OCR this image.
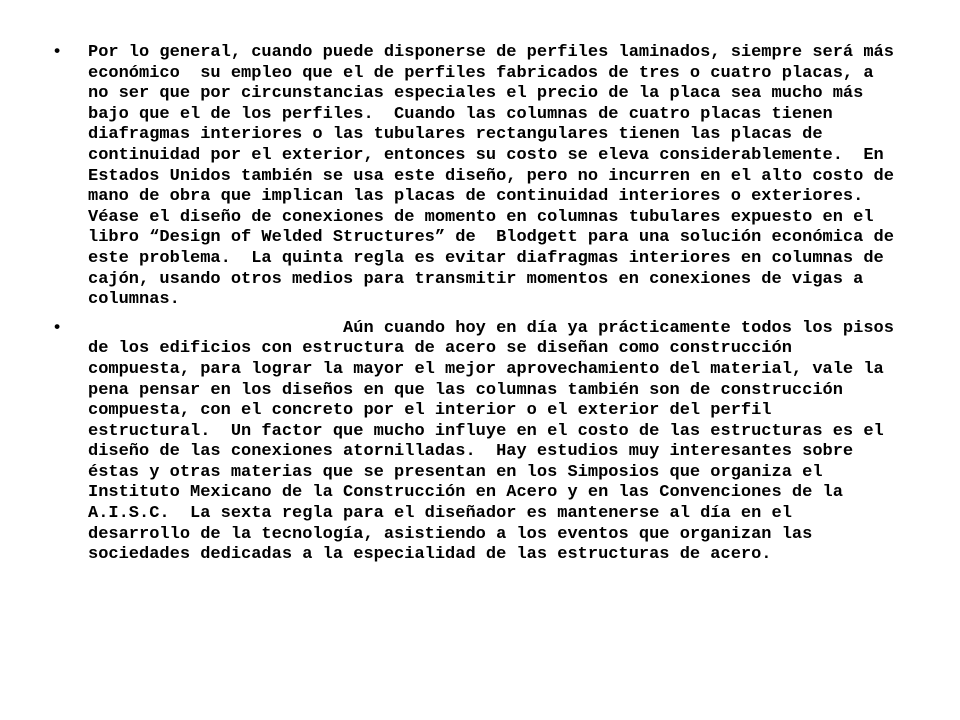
• Por lo general, cuando puede disponerse de perfiles laminados, siempre será más económico  su empleo que el de perfiles fabricados de tres o cuatro placas, a no ser que por circunstancias especiales el precio de la placa sea mucho más bajo que el de los perfiles.  Cuando las columnas de cuatro placas tienen diafragmas interiores o las tubulares rectangulares tienen las placas de continuidad por el exterior, entonces su costo se eleva considerablemente.  En Estados Unidos también se usa este diseño, pero no incurren en el alto costo de mano de obra que implican las placas de continuidad interiores o exteriores.  Véase el diseño de conexiones de momento en columnas tubulares expuesto en el libro “Design of Welded Structures” de  Blodgett para una solución económica de este problema.  La quinta regla es evitar diafragmas interiores en columnas de cajón, usando otros medios para transmitir momentos en conexiones de vigas a columnas.
• Aún cuando hoy en día ya prácticamente todos los pisos de los edificios con estructura de acero se diseñan como construcción compuesta, para lograr la mayor el mejor aprovechamiento del material, vale la pena pensar en los diseños en que las columnas también son de construcción compuesta, con el concreto por el interior o el exterior del perfil estructural.  Un factor que mucho influye en el costo de las estructuras es el diseño de las conexiones atornilladas.  Hay estudios muy interesantes sobre éstas y otras materias que se presentan en los Simposios que organiza el Instituto Mexicano de la Construcción en Acero y en las Convenciones de la A.I.S.C.  La sexta regla para el diseñador es mantenerse al día en el desarrollo de la tecnología, asistiendo a los eventos que organizan las sociedades dedicadas a la especialidad de las estructuras de acero.
